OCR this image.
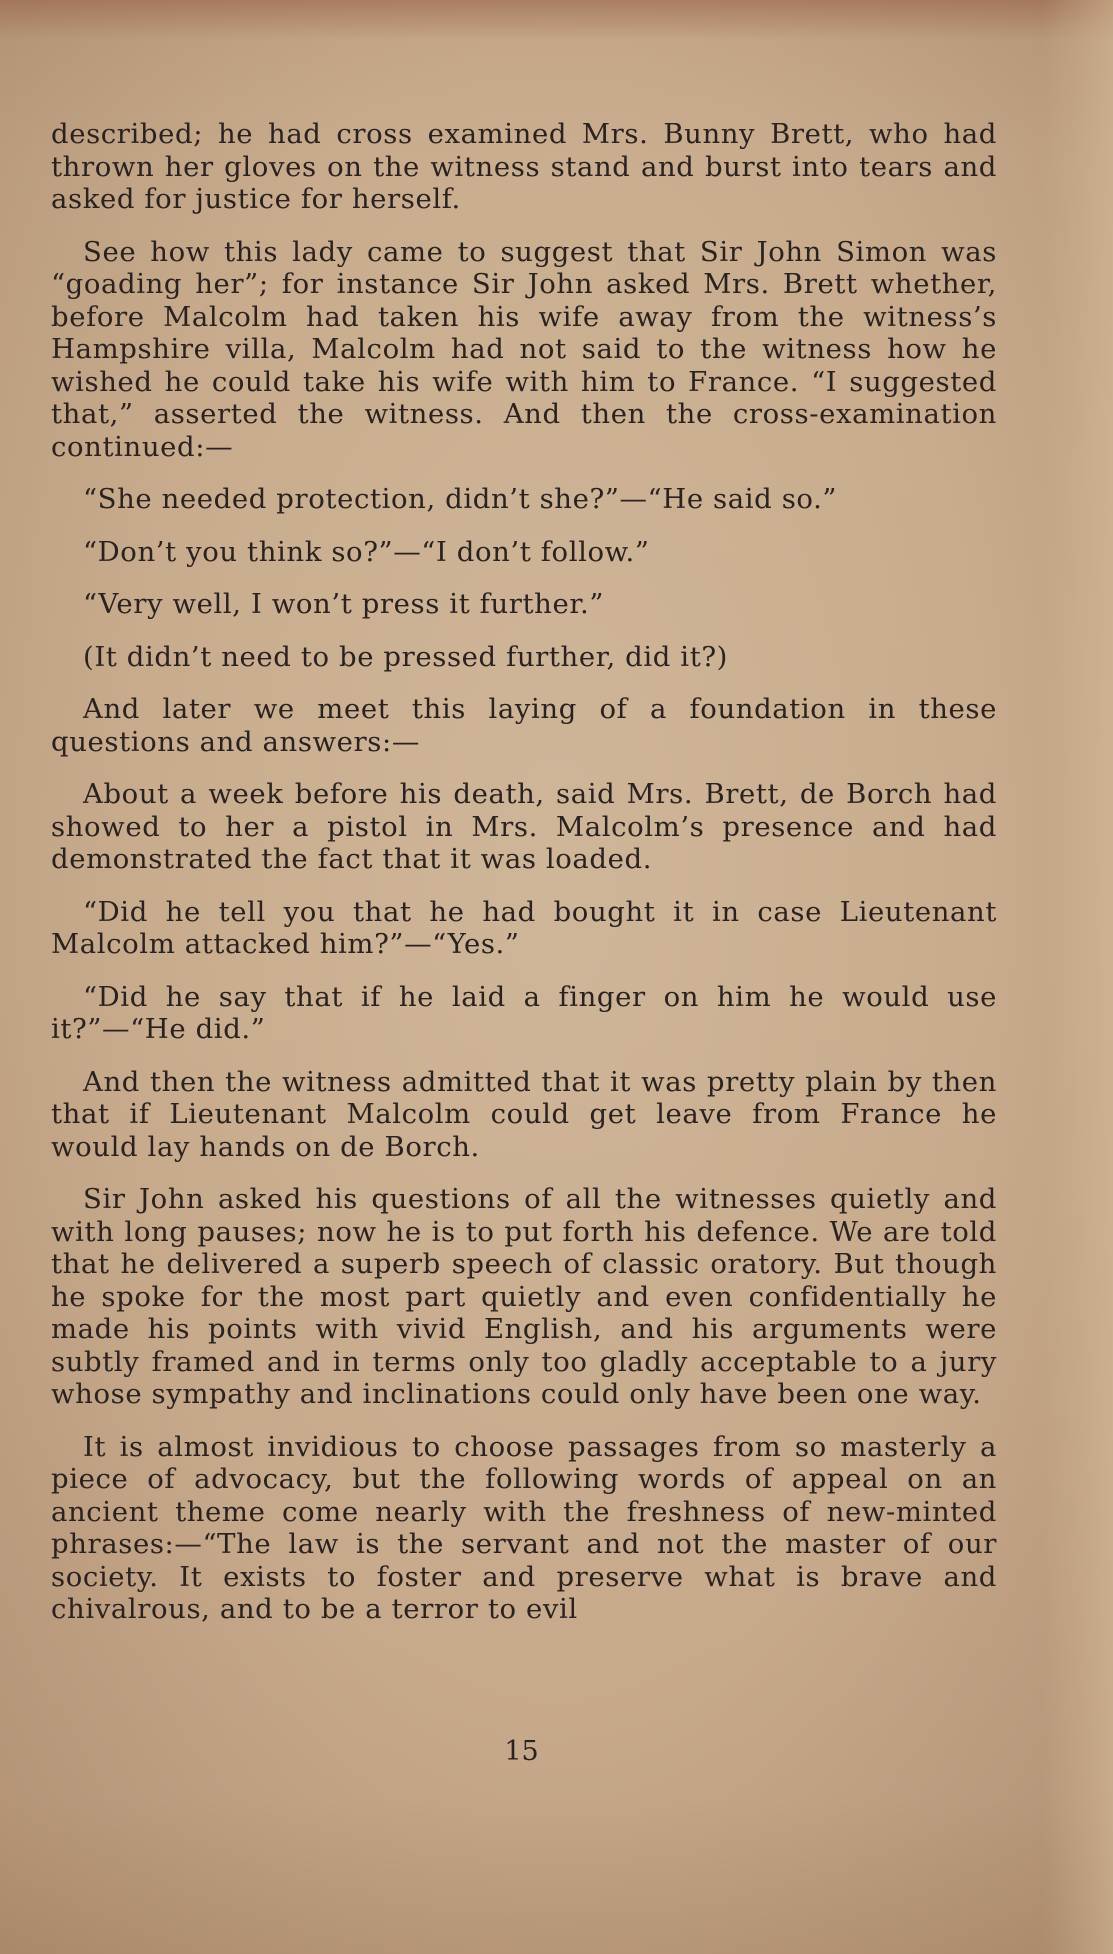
described; he had cross examined Mrs. Bunny Brett, who had thrown her gloves on the witness stand and burst into tears and asked for justice for herself.

See how this lady came to suggest that Sir John Simon was “goading her”; for instance Sir John asked Mrs. Brett whether, before Malcolm had taken his wife away from the witness’s Hampshire villa, Malcolm had not said to the witness how he wished he could take his wife with him to France. “I suggested that,” asserted the witness. And then the cross-examination continued:—

“She needed protection, didn’t she?”—“He said so.”

“Don’t you think so?”—“I don’t follow.”

“Very well, I won’t press it further.”

(It didn’t need to be pressed further, did it?)

And later we meet this laying of a foundation in these questions and answers:—

About a week before his death, said Mrs. Brett, de Borch had showed to her a pistol in Mrs. Malcolm’s presence and had demonstrated the fact that it was loaded.

“Did he tell you that he had bought it in case Lieutenant Malcolm attacked him?”—“Yes.”

“Did he say that if he laid a finger on him he would use it?”—“He did.”

And then the witness admitted that it was pretty plain by then that if Lieutenant Malcolm could get leave from France he would lay hands on de Borch.

Sir John asked his questions of all the witnesses quietly and with long pauses; now he is to put forth his defence. We are told that he delivered a superb speech of classic oratory. But though he spoke for the most part quietly and even confidentially he made his points with vivid English, and his arguments were subtly framed and in terms only too gladly acceptable to a jury whose sympathy and inclinations could only have been one way.

It is almost invidious to choose passages from so masterly a piece of advocacy, but the following words of appeal on an ancient theme come nearly with the freshness of new-minted phrases:—“The law is the servant and not the master of our society. It exists to foster and preserve what is brave and chivalrous, and to be a terror to evil

15
